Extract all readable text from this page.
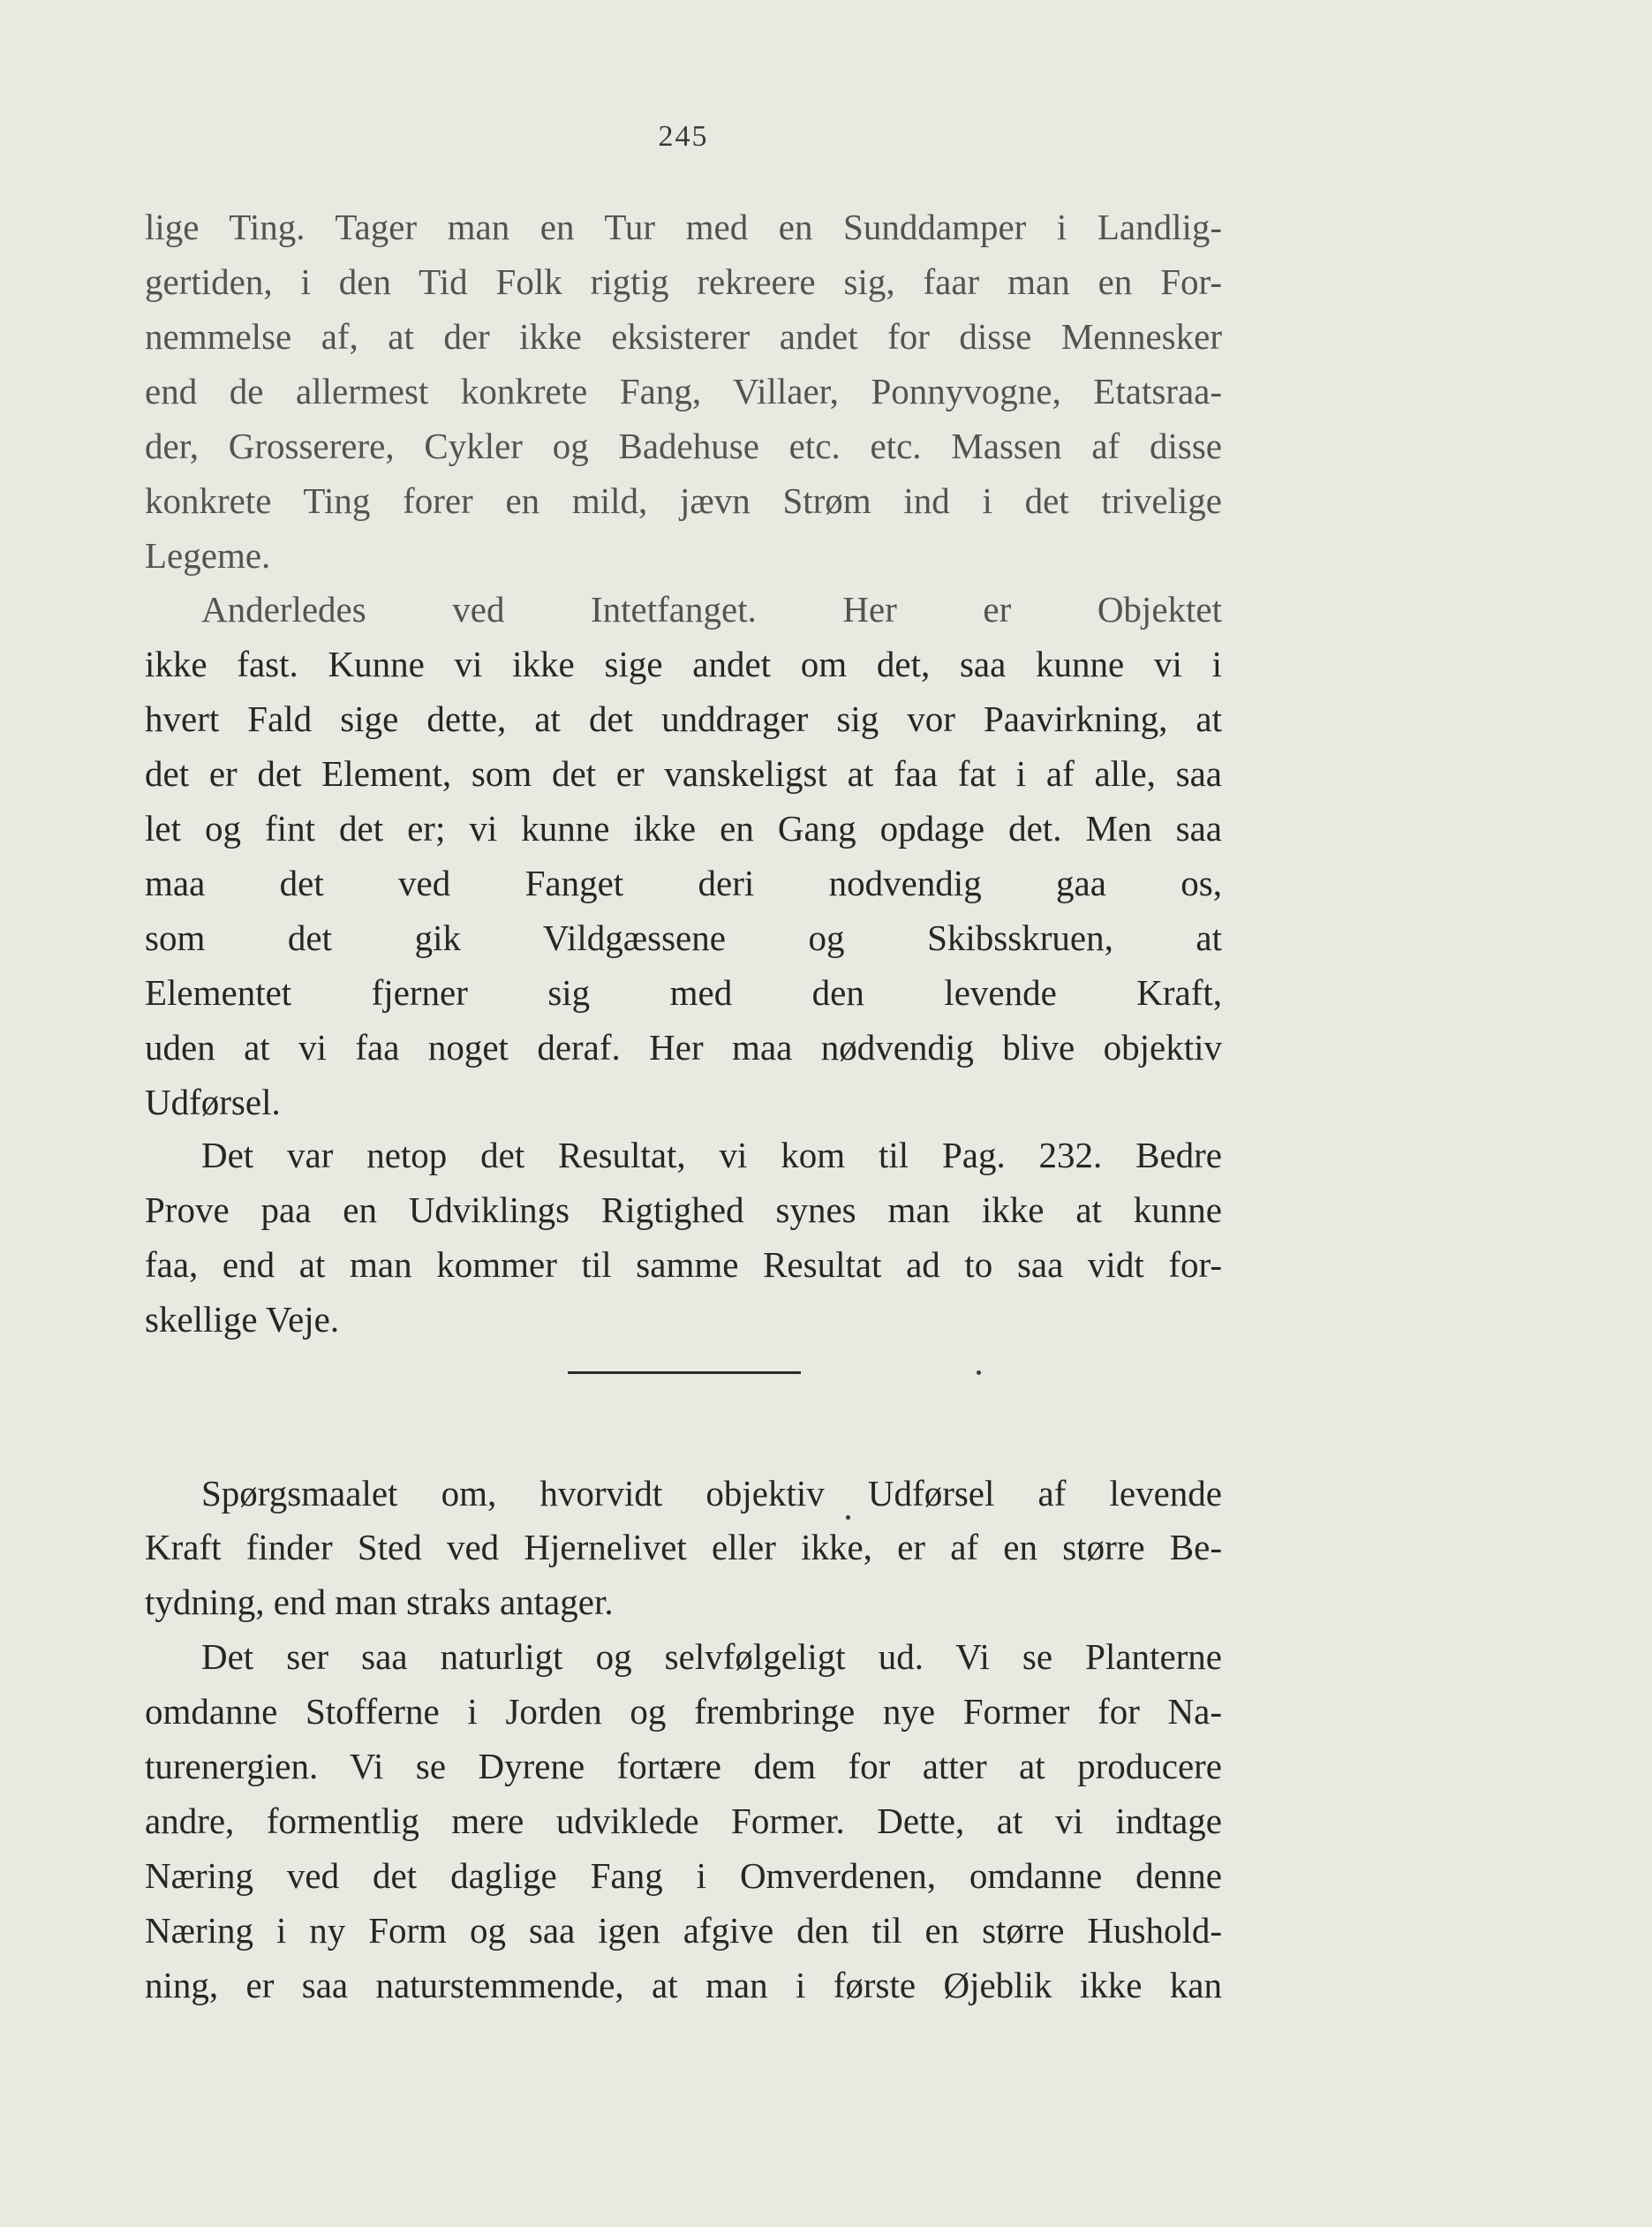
245
lige Ting. Tager man en Tur med en Sunddamper i Landlig-
gertiden, i den Tid Folk rigtig rekreere sig, faar man en For-
nemmelse af, at der ikke eksisterer andet for disse Mennesker
end de allermest konkrete Fang, Villaer, Ponnyvogne, Etatsraa-
der, Grosserere, Cykler og Badehuse etc. etc. Massen af disse
konkrete Ting forer en mild, jævn Strøm ind i det trivelige
Legeme.
Anderledes ved Intetfanget. Her er Objektet
ikke fast. Kunne vi ikke sige andet om det, saa kunne vi i
hvert Fald sige dette, at det unddrager sig vor Paavirkning, at
det er det Element, som det er vanskeligst at faa fat i af alle, saa
let og fint det er; vi kunne ikke en Gang opdage det. Men saa
maa det ved Fanget deri nodvendig gaa os,
som det gik Vildgæssene og Skibsskruen, at
Elementet fjerner sig med den levende Kraft,
uden at vi faa noget deraf. Her maa nødvendig blive objektiv
Udførsel.
Det var netop det Resultat, vi kom til Pag. 232. Bedre
Prove paa en Udviklings Rigtighed synes man ikke at kunne
faa, end at man kommer til samme Resultat ad to saa vidt for-
skellige Veje.
Spørgsmaalet om, hvorvidt objektiv Udførsel af levende
Kraft finder Sted ved Hjernelivet eller ikke, er af en større Be-
tydning, end man straks antager.
Det ser saa naturligt og selvfølgeligt ud. Vi se Planterne
omdanne Stofferne i Jorden og frembringe nye Former for Na-
turenergien. Vi se Dyrene fortære dem for atter at producere
andre, formentlig mere udviklede Former. Dette, at vi indtage
Næring ved det daglige Fang i Omverdenen, omdanne denne
Næring i ny Form og saa igen afgive den til en større Hushold-
ning, er saa naturstemmende, at man i første Øjeblik ikke kan
